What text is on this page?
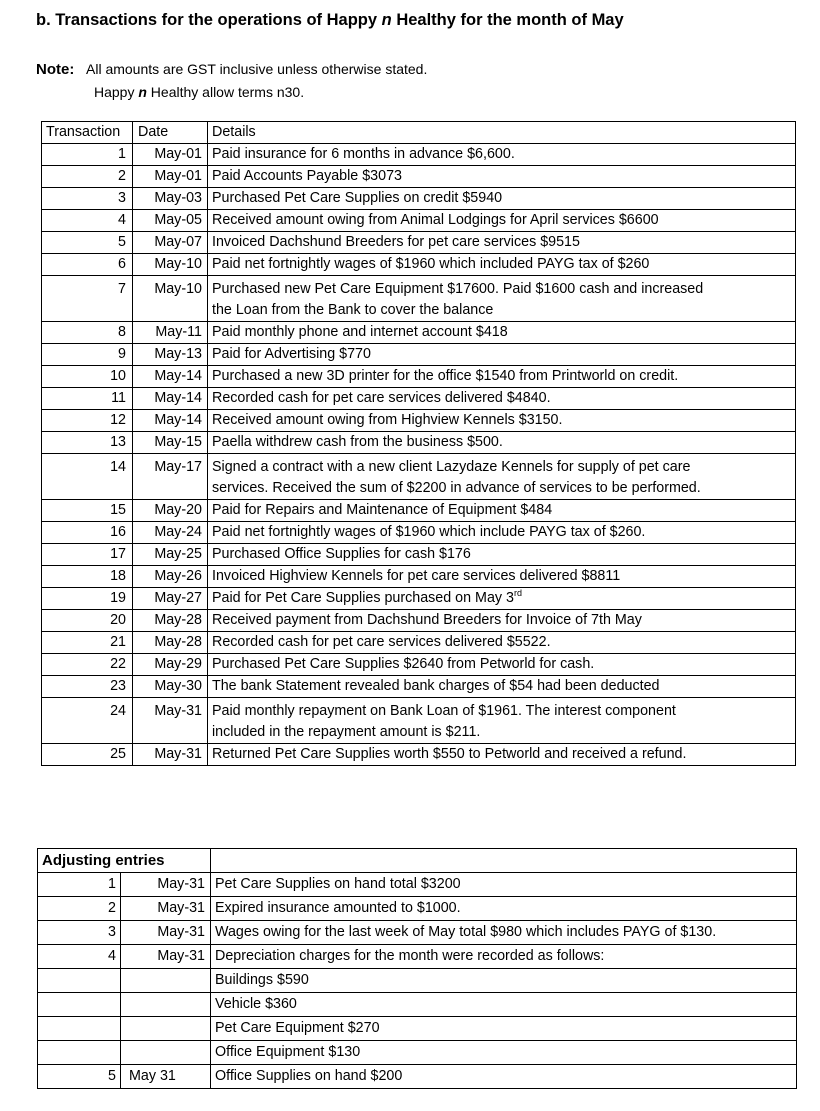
b. Transactions for the operations of Happy n Healthy for the month of May
Note: All amounts are GST inclusive unless otherwise stated.
Happy n Healthy allow terms n30.
Transaction	Date	Details
1	May-01	Paid insurance for 6 months in advance $6,600.
2	May-01	Paid Accounts Payable $3073
3	May-03	Purchased Pet Care Supplies on credit $5940
4	May-05	Received amount owing from Animal Lodgings for April services $6600
5	May-07	Invoiced Dachshund Breeders for pet care services $9515
6	May-10	Paid net fortnightly wages of $1960 which included PAYG tax of $260
7	May-10	Purchased new Pet Care Equipment $17600. Paid $1600 cash and increased
the Loan from the Bank to cover the balance
8	May-11	Paid monthly phone and internet account $418
9	May-13	Paid for Advertising $770
10	May-14	Purchased a new 3D printer for the office $1540 from Printworld on credit.
11	May-14	Recorded cash for pet care services delivered $4840.
12	May-14	Received amount owing from Highview Kennels $3150.
13	May-15	Paella withdrew cash from the business $500.
14	May-17	Signed a contract with a new client Lazydaze Kennels for supply of pet care
services. Received the sum of $2200 in advance of services to be performed.
15	May-20	Paid for Repairs and Maintenance of Equipment $484
16	May-24	Paid net fortnightly wages of $1960 which include PAYG tax of $260.
17	May-25	Purchased Office Supplies for cash $176
18	May-26	Invoiced Highview Kennels for pet care services delivered $8811
19	May-27	Paid for Pet Care Supplies purchased on May 3rd
20	May-28	Received payment from Dachshund Breeders for Invoice of 7th May
21	May-28	Recorded cash for pet care services delivered $5522.
22	May-29	Purchased Pet Care Supplies $2640 from Petworld for cash.
23	May-30	The bank Statement revealed bank charges of $54 had been deducted
24	May-31	Paid monthly repayment on Bank Loan of $1961. The interest component
included in the repayment amount is $211.
25	May-31	Returned Pet Care Supplies worth $550 to Petworld and received a refund.
Adjusting entries		
1	May-31	Pet Care Supplies on hand total $3200
2	May-31	Expired insurance amounted to $1000.
3	May-31	Wages owing for the last week of May total $980 which includes PAYG of $130.
4	May-31	Depreciation charges for the month were recorded as follows:
		Buildings $590
		Vehicle $360
		Pet Care Equipment $270
		Office Equipment $130
5	May 31	Office Supplies on hand $200
